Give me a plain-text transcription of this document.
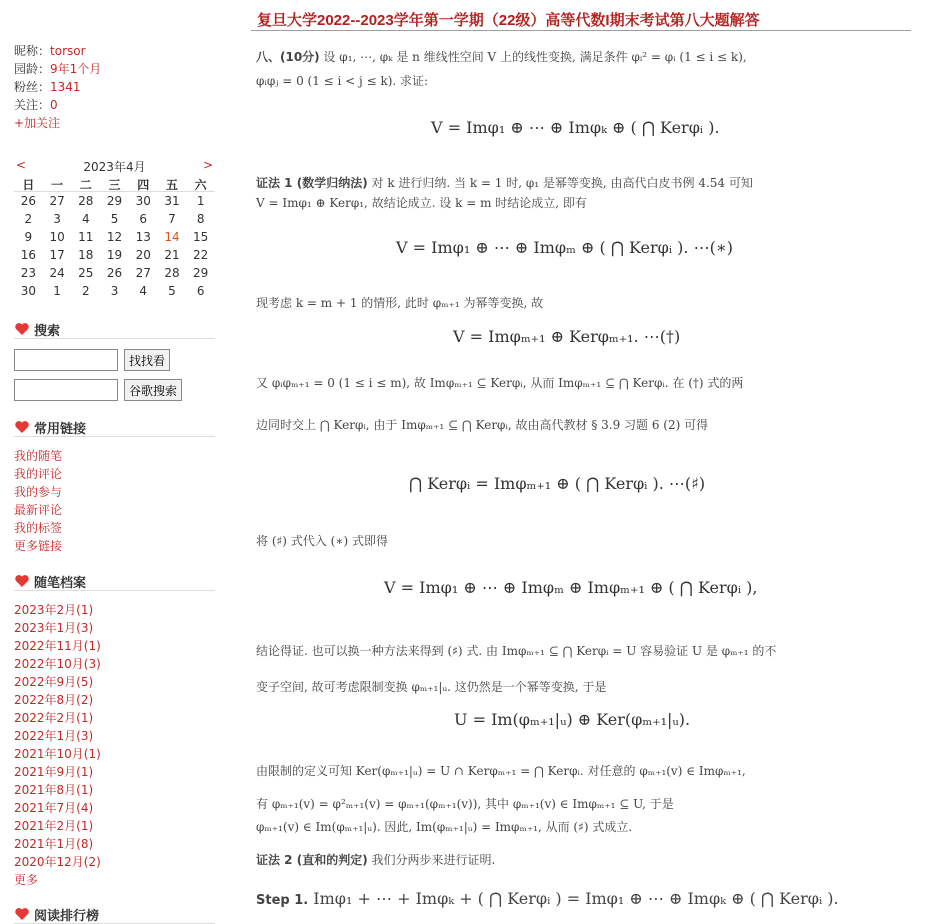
昵称：torsor
园龄：9年1个月
粉丝：1341
关注：0
+加关注
<	2023年4月	>
日	一	二	三	四	五	六
26	27	28	29	30	31	1
2	3	4	5	6	7	8
9	10	11	12	13	14	15
16	17	18	19	20	21	22
23	24	25	26	27	28	29
30	1	2	3	4	5	6
搜索
找找看
谷歌搜索
常用链接
我的随笔
我的评论
我的参与
最新评论
我的标签
更多链接
随笔档案
2023年2月(1)
2023年1月(3)
2022年11月(1)
2022年10月(3)
2022年9月(5)
2022年8月(2)
2022年2月(1)
2022年1月(3)
2021年10月(1)
2021年9月(1)
2021年8月(1)
2021年7月(4)
2021年2月(1)
2021年1月(8)
2020年12月(2)
更多
阅读排行榜
复旦大学2022--2023学年第一学期（22级）高等代数I期末考试第八大题解答
八、(10分) 设 φ₁, ⋯, φₖ 是 n 维线性空间 V 上的线性变换, 满足条件 φᵢ² = φᵢ (1 ≤ i ≤ k),
φᵢφⱼ = 0 (1 ≤ i < j ≤ k). 求证:
V = Imφ₁ ⊕ ⋯ ⊕ Imφₖ ⊕ ( ⋂ Kerφᵢ ).
证法 1 (数学归纳法) 对 k 进行归纳. 当 k = 1 时, φ₁ 是幂等变换, 由高代白皮书例 4.54 可知
V = Imφ₁ ⊕ Kerφ₁, 故结论成立. 设 k = m 时结论成立, 即有
V = Imφ₁ ⊕ ⋯ ⊕ Imφₘ ⊕ ( ⋂ Kerφᵢ ). ⋯(∗)
现考虑 k = m + 1 的情形, 此时 φₘ₊₁ 为幂等变换, 故
V = Imφₘ₊₁ ⊕ Kerφₘ₊₁. ⋯(†)
又 φᵢφₘ₊₁ = 0 (1 ≤ i ≤ m), 故 Imφₘ₊₁ ⊆ Kerφᵢ, 从而 Imφₘ₊₁ ⊆ ⋂ Kerφᵢ. 在 (†) 式的两
边同时交上 ⋂ Kerφᵢ, 由于 Imφₘ₊₁ ⊆ ⋂ Kerφᵢ, 故由高代教材 § 3.9 习题 6 (2) 可得
⋂ Kerφᵢ = Imφₘ₊₁ ⊕ ( ⋂ Kerφᵢ ). ⋯(♯)
将 (♯) 式代入 (∗) 式即得
V = Imφ₁ ⊕ ⋯ ⊕ Imφₘ ⊕ Imφₘ₊₁ ⊕ ( ⋂ Kerφᵢ ),
结论得证. 也可以换一种方法来得到 (♯) 式. 由 Imφₘ₊₁ ⊆ ⋂ Kerφᵢ = U 容易验证 U 是 φₘ₊₁ 的不
变子空间, 故可考虑限制变换 φₘ₊₁|ᵤ. 这仍然是一个幂等变换, 于是
U = Im(φₘ₊₁|ᵤ) ⊕ Ker(φₘ₊₁|ᵤ).
由限制的定义可知 Ker(φₘ₊₁|ᵤ) = U ∩ Kerφₘ₊₁ = ⋂ Kerφᵢ. 对任意的 φₘ₊₁(v) ∈ Imφₘ₊₁,
有 φₘ₊₁(v) = φ²ₘ₊₁(v) = φₘ₊₁(φₘ₊₁(v)), 其中 φₘ₊₁(v) ∈ Imφₘ₊₁ ⊆ U, 于是
φₘ₊₁(v) ∈ Im(φₘ₊₁|ᵤ). 因此, Im(φₘ₊₁|ᵤ) = Imφₘ₊₁, 从而 (♯) 式成立.
证法 2 (直和的判定) 我们分两步来进行证明.
Step 1. Imφ₁ + ⋯ + Imφₖ + ( ⋂ Kerφᵢ ) = Imφ₁ ⊕ ⋯ ⊕ Imφₖ ⊕ ( ⋂ Kerφᵢ ).
